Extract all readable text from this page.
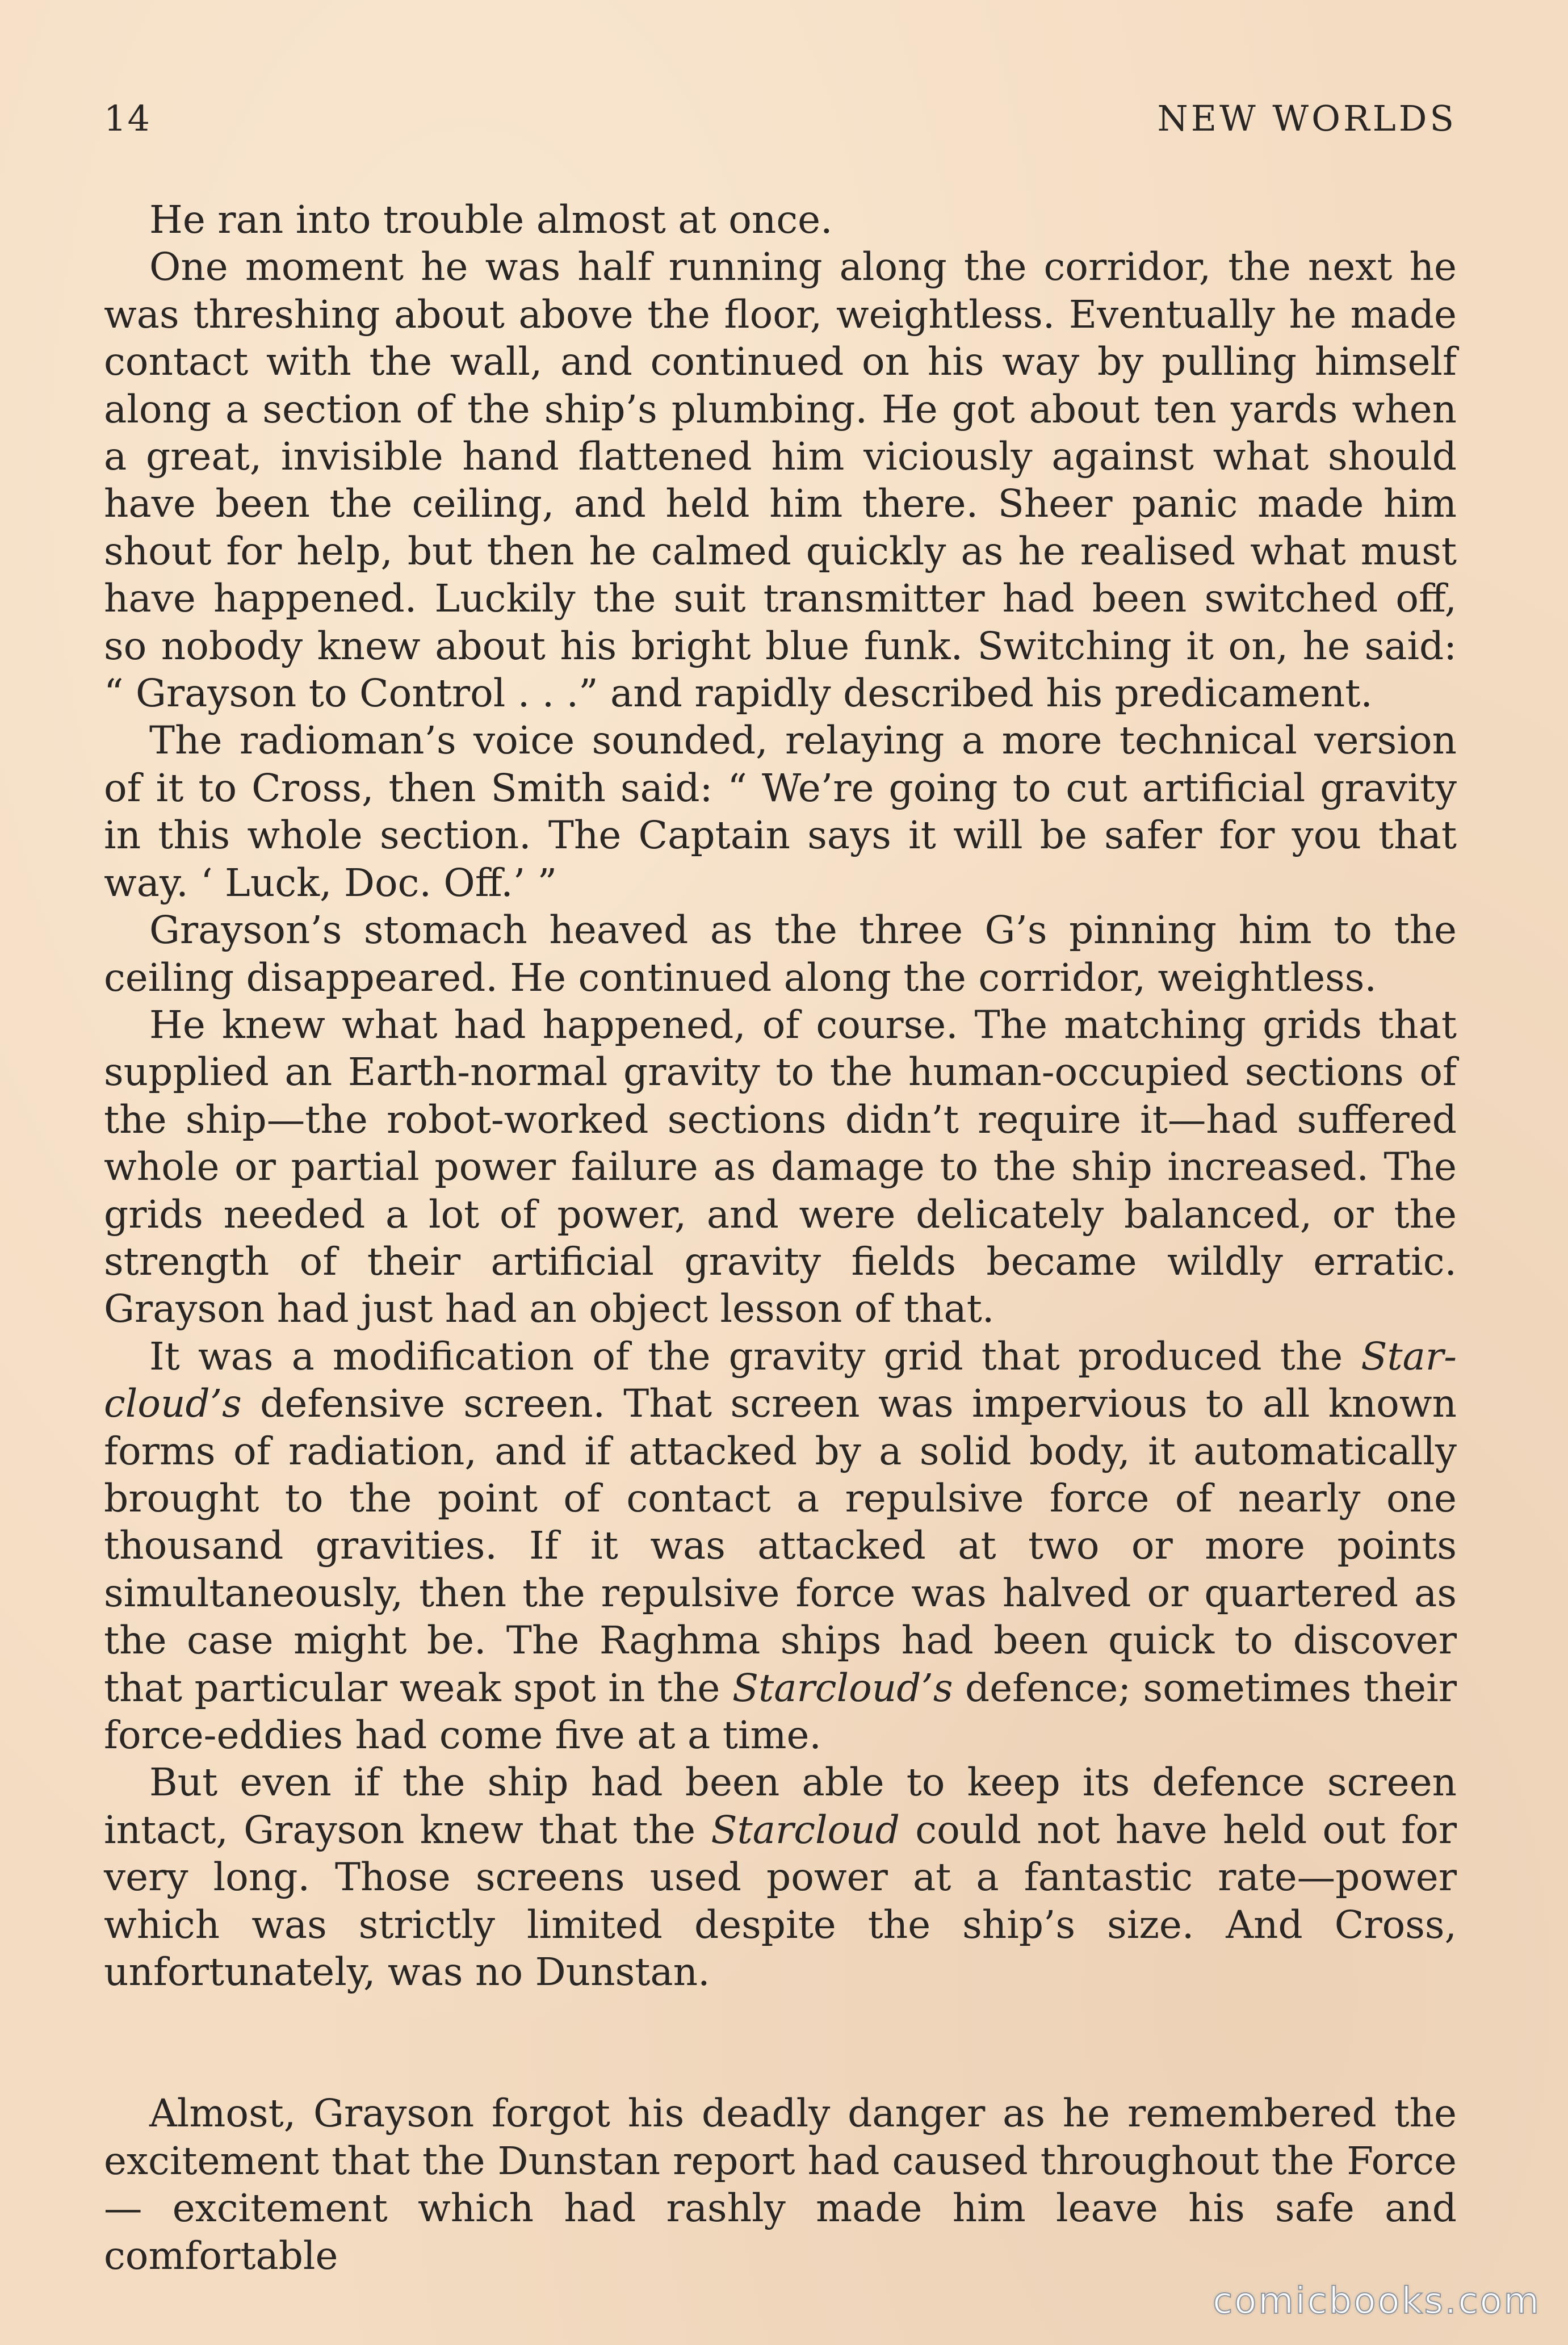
14	NEW WORLDS

He ran into trouble almost at once.

One moment he was half running along the corridor, the next he was threshing about above the floor, weightless. Eventually he made contact with the wall, and continued on his way by pulling himself along a section of the ship’s plumbing. He got about ten yards when a great, invisible hand flattened him viciously against what should have been the ceiling, and held him there. Sheer panic made him shout for help, but then he calmed quickly as he realised what must have happened. Luckily the suit transmitter had been switched off, so nobody knew about his bright blue funk. Switching it on, he said: “ Grayson to Control . . .” and rapidly described his predicament.

The radioman’s voice sounded, relaying a more technical version of it to Cross, then Smith said: “ We’re going to cut artificial gravity in this whole section. The Captain says it will be safer for you that way. ‘ Luck, Doc. Off.’ ”

Grayson’s stomach heaved as the three G’s pinning him to the ceiling disappeared. He continued along the corridor, weightless.

He knew what had happened, of course. The matching grids that supplied an Earth-normal gravity to the human-occupied sections of the ship—the robot-worked sections didn’t require it—had suffered whole or partial power failure as damage to the ship increased. The grids needed a lot of power, and were delicately balanced, or the strength of their artificial gravity fields became wildly erratic. Grayson had just had an object lesson of that.

It was a modification of the gravity grid that produced the Starcloud’s defensive screen. That screen was impervious to all known forms of radiation, and if attacked by a solid body, it automatically brought to the point of contact a repulsive force of nearly one thousand gravities. If it was attacked at two or more points simultaneously, then the repulsive force was halved or quartered as the case might be. The Raghma ships had been quick to discover that particular weak spot in the Starcloud’s defence; sometimes their force-eddies had come five at a time.

But even if the ship had been able to keep its defence screen intact, Grayson knew that the Starcloud could not have held out for very long. Those screens used power at a fantastic rate—power which was strictly limited despite the ship’s size. And Cross, unfortunately, was no Dunstan.

Almost, Grayson forgot his deadly danger as he remembered the excitement that the Dunstan report had caused throughout the Force— excitement which had rashly made him leave his safe and comfortable

comicbooks.com
